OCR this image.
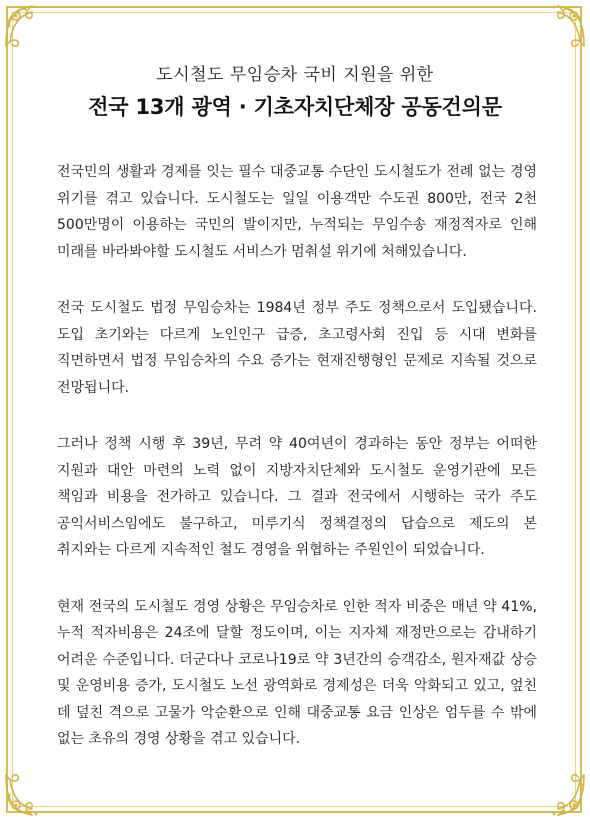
도시철도 무임승차 국비 지원을 위한
전국 13개 광역 · 기초자치단체장 공동건의문

전국민의 생활과 경제를 잇는 필수 대중교통 수단인 도시철도가 전례 없는 경영 위기를 겪고 있습니다. 도시철도는 일일 이용객만 수도권 800만, 전국 2천 500만명이 이용하는 국민의 발이지만, 누적되는 무임수송 재정적자로 인해 미래를 바라봐야할 도시철도 서비스가 멈춰설 위기에 처해있습니다.

전국 도시철도 법정 무임승차는 1984년 정부 주도 정책으로서 도입됐습니다. 도입 초기와는 다르게 노인인구 급증, 초고령사회 진입 등 시대 변화를 직면하면서 법정 무임승차의 수요 증가는 현재진행형인 문제로 지속될 것으로 전망됩니다.

그러나 정책 시행 후 39년, 무려 약 40여년이 경과하는 동안 정부는 어떠한 지원과 대안 마련의 노력 없이 지방자치단체와 도시철도 운영기관에 모든 책임과 비용을 전가하고 있습니다. 그 결과 전국에서 시행하는 국가 주도 공익서비스임에도 불구하고, 미루기식 정책결정의 답습으로 제도의 본 취지와는 다르게 지속적인 철도 경영을 위협하는 주원인이 되었습니다.

현재 전국의 도시철도 경영 상황은 무임승차로 인한 적자 비중은 매년 약 41%, 누적 적자비용은 24조에 달할 정도이며, 이는 지자체 재정만으로는 감내하기 어려운 수준입니다. 더군다나 코로나19로 약 3년간의 승객감소, 원자재값 상승 및 운영비용 증가, 도시철도 노선 광역화로 경제성은 더욱 악화되고 있고, 엎친 데 덮친 격으로 고물가 악순환으로 인해 대중교통 요금 인상은 엄두를 수 밖에 없는 초유의 경영 상황을 겪고 있습니다.
